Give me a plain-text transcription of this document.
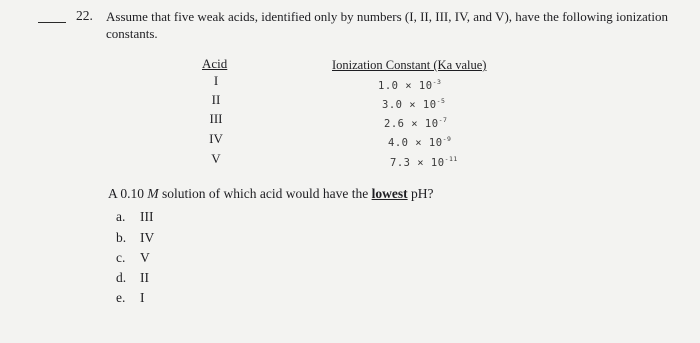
22. Assume that five weak acids, identified only by numbers (I, II, III, IV, and V), have the following ionization
constants.
Acid	Ionization Constant (Ka value)
I
II
III
IV
V
$1.0 \times 10^{-3}$
$3.0 \times 10^{-5}$
$2.6 \times 10^{-7}$
$4.0 \times 10^{-9}$
$7.3 \times 10^{-11}$
A 0.10 M solution of which acid would have the lowest pH?
a. III
b. IV
c. V
d. II
e. I
